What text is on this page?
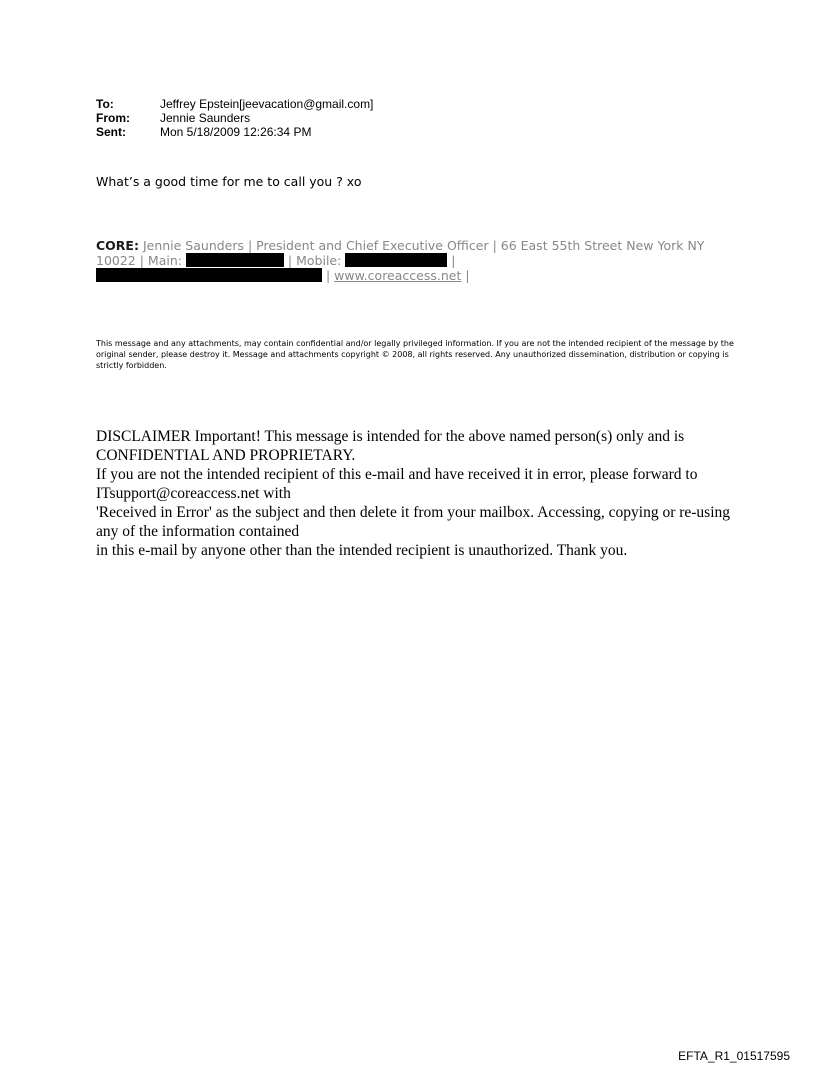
To:	Jeffrey Epstein[jeevacation@gmail.com]
From:	Jennie Saunders
Sent:	Mon 5/18/2009 12:26:34 PM
What’s a good time for me to call you ? xo
CORE: Jennie Saunders | President and Chief Executive Officer | 66 East 55th Street New York NY 10022 | Main:	| Mobile:	|
| www.coreaccess.net |
This message and any attachments, may contain confidential and/or legally privileged information. If you are not the intended recipient of the message by the original sender, please destroy it. Message and attachments copyright © 2008, all rights reserved. Any unauthorized dissemination, distribution or copying is strictly forbidden.

DISCLAIMER Important! This message is intended for the above named person(s) only and is CONFIDENTIAL AND PROPRIETARY.

If you are not the intended recipient of this e-mail and have received it in error, please forward to ITsupport@coreaccess.net with

'Received in Error' as the subject and then delete it from your mailbox. Accessing, copying or re-using any of the information contained

in this e-mail by anyone other than the intended recipient is unauthorized. Thank you.

EFTA_R1_01517595
